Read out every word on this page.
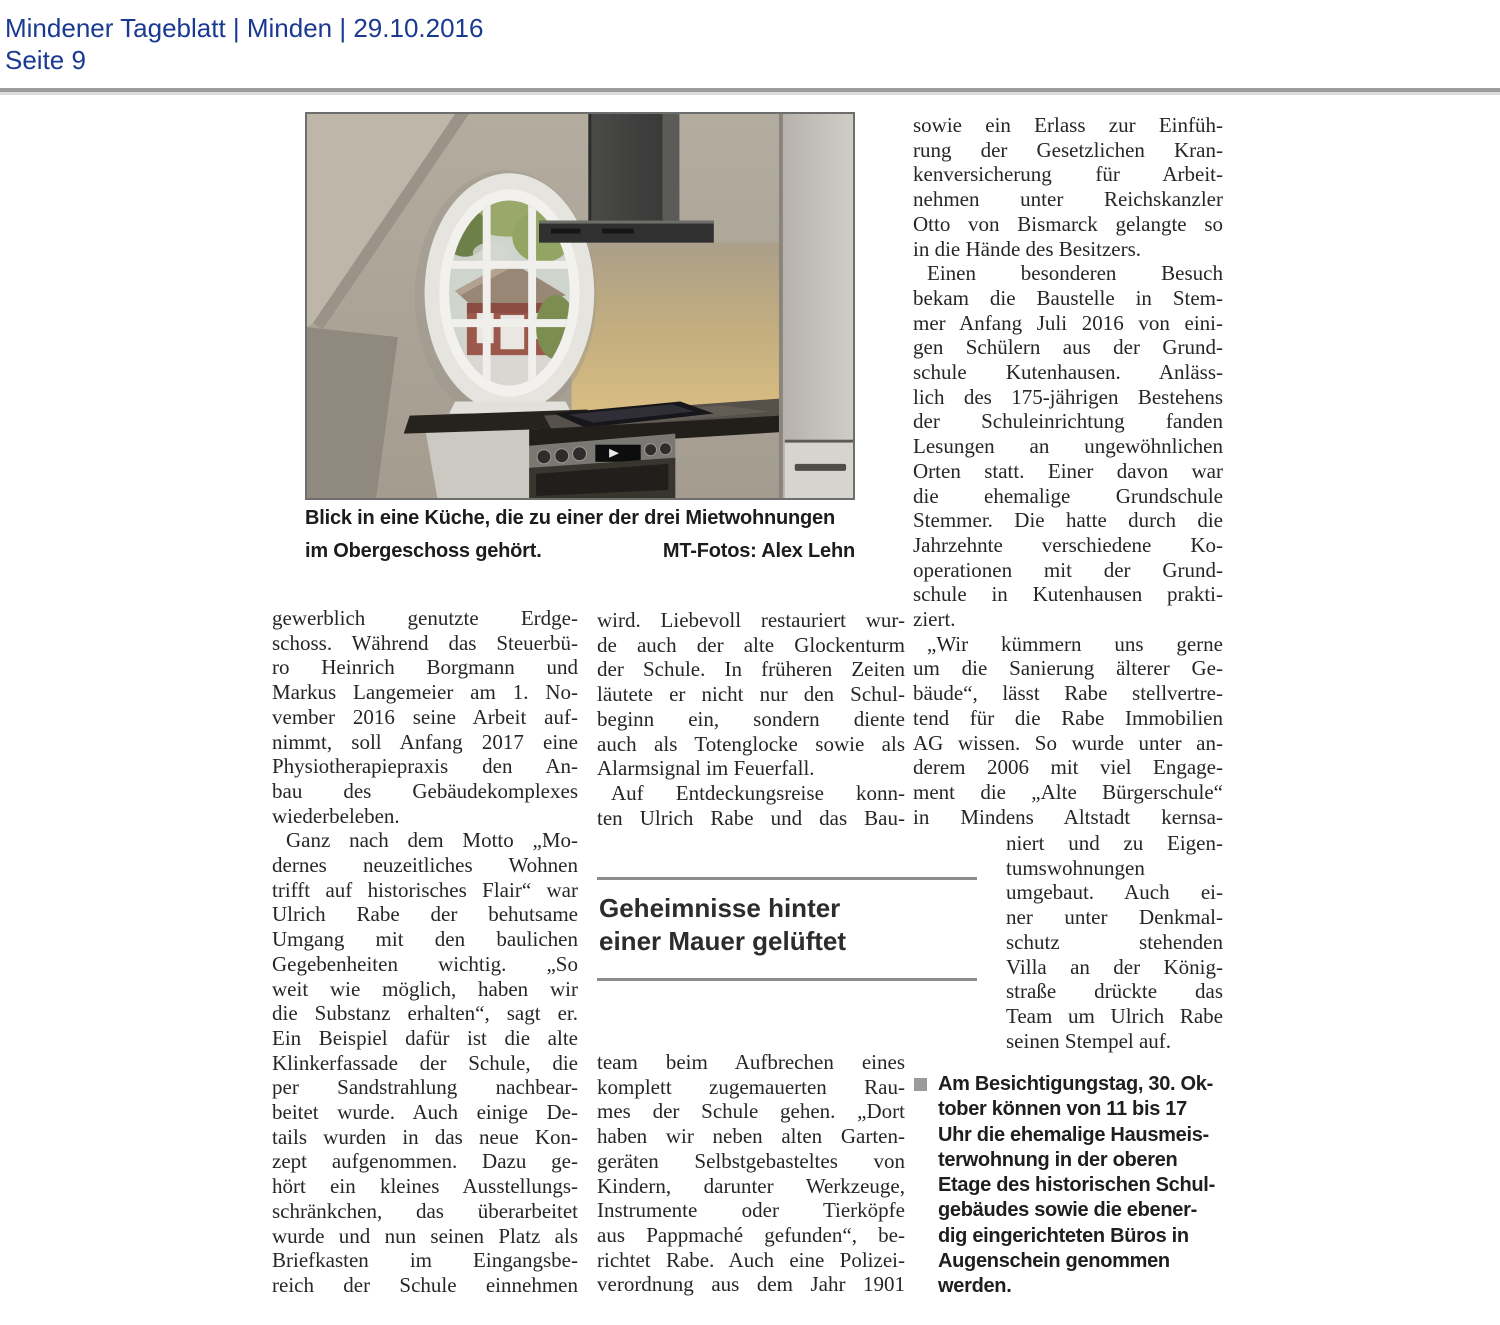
Mindener Tageblatt | Minden | 29.10.2016
Seite 9
Blick in eine Küche, die zu einer der drei Mietwohnungen
im Obergeschoss gehört.	MT-Fotos: Alex Lehn
gewerblich genutzte Erdge-
schoss. Während das Steuerbü-
ro Heinrich Borgmann und
Markus Langemeier am 1. No-
vember 2016 seine Arbeit auf-
nimmt, soll Anfang 2017 eine
Physiotherapiepraxis den An-
bau des Gebäudekomplexes
wiederbeleben.
Ganz nach dem Motto „Mo-
dernes neuzeitliches Wohnen
trifft auf historisches Flair“ war
Ulrich Rabe der behutsame
Umgang mit den baulichen
Gegebenheiten wichtig. „So
weit wie möglich, haben wir
die Substanz erhalten“, sagt er.
Ein Beispiel dafür ist die alte
Klinkerfassade der Schule, die
per Sandstrahlung nachbear-
beitet wurde. Auch einige De-
tails wurden in das neue Kon-
zept aufgenommen. Dazu ge-
hört ein kleines Ausstellungs-
schränkchen, das überarbeitet
wurde und nun seinen Platz als
Briefkasten im Eingangsbe-
reich der Schule einnehmen
wird. Liebevoll restauriert wur-
de auch der alte Glockenturm
der Schule. In früheren Zeiten
läutete er nicht nur den Schul-
beginn ein, sondern diente
auch als Totenglocke sowie als
Alarmsignal im Feuerfall.
Auf Entdeckungsreise konn-
ten Ulrich Rabe und das Bau-
Geheimnisse hinter
einer Mauer gelüftet
team beim Aufbrechen eines
komplett zugemauerten Rau-
mes der Schule gehen. „Dort
haben wir neben alten Garten-
geräten Selbstgebasteltes von
Kindern, darunter Werkzeuge,
Instrumente oder Tierköpfe
aus Pappmaché gefunden“, be-
richtet Rabe. Auch eine Polizei-
verordnung aus dem Jahr 1901
sowie ein Erlass zur Einfüh-
rung der Gesetzlichen Kran-
kenversicherung für Arbeit-
nehmen unter Reichskanzler
Otto von Bismarck gelangte so
in die Hände des Besitzers.
Einen besonderen Besuch
bekam die Baustelle in Stem-
mer Anfang Juli 2016 von eini-
gen Schülern aus der Grund-
schule Kutenhausen. Anläss-
lich des 175-jährigen Bestehens
der Schuleinrichtung fanden
Lesungen an ungewöhnlichen
Orten statt. Einer davon war
die ehemalige Grundschule
Stemmer. Die hatte durch die
Jahrzehnte verschiedene Ko-
operationen mit der Grund-
schule in Kutenhausen prakti-
ziert.
„Wir kümmern uns gerne
um die Sanierung älterer Ge-
bäude“, lässt Rabe stellvertre-
tend für die Rabe Immobilien
AG wissen. So wurde unter an-
derem 2006 mit viel Engage-
ment die „Alte Bürgerschule“
in Mindens Altstadt kernsa-
niert und zu Eigen-
tumswohnungen
umgebaut. Auch ei-
ner unter Denkmal-
schutz stehenden
Villa an der König-
straße drückte das
Team um Ulrich Rabe
seinen Stempel auf.
Am Besichtigungstag, 30. Ok-
tober können von 11 bis 17
Uhr die ehemalige Hausmeis-
terwohnung in der oberen
Etage des historischen Schul-
gebäudes sowie die ebener-
dig eingerichteten Büros in
Augenschein genommen
werden.
